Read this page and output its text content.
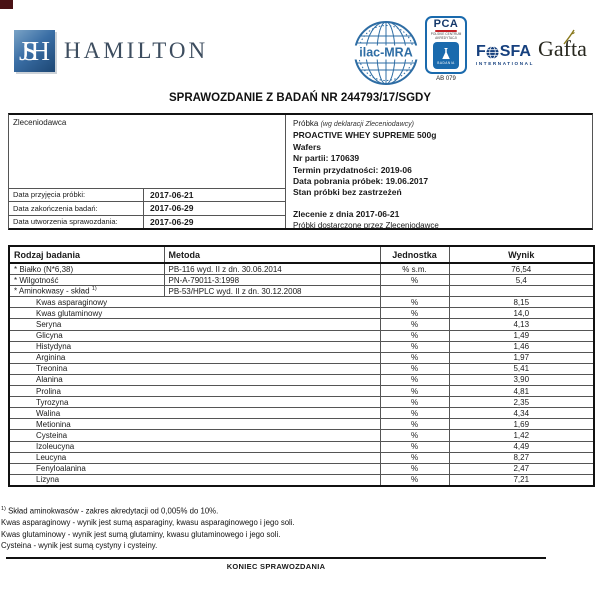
JSH HAMILTON	ilac-MRA
PCA
POLSKIE CENTRUM AKREDYTACJI
BADANIA
AB 079
F SFA
INTERNATIONAL
Gafta
SPRAWOZDANIE Z BADAŃ NR 244793/17/SGDY
Zleceniodawca
Data przyjęcia próbki:	2017-06-21
Data zakończenia badań:	2017-06-29
Data utworzenia sprawozdania:	2017-06-29
Próbka (wg deklaracji Zleceniodawcy)
PROACTIVE WHEY SUPREME 500g
Wafers
Nr partii: 170639
Termin przydatności: 2019-06
Data pobrania próbek: 19.06.2017
Stan próbki bez zastrzeżeń
Zlecenie z dnia 2017-06-21
Próbki dostarczone przez Zleceniodawcę
Rodzaj badania	Metoda	Jednostka	Wynik
* Białko (N*6,38)	PB-116 wyd. II z dn. 30.06.2014	% s.m.	76,54
* Wilgotność	PN-A-79011-3:1998	%	5,4
* Aminokwasy - skład $^{1)}$	PB-53/HPLC wyd. II z dn. 30.12.2008		
Kwas asparaginowy		%	8,15
Kwas glutaminowy		%	14,0
Seryna		%	4,13
Glicyna		%	1,49
Histydyna		%	1,46
Arginina		%	1,97
Treonina		%	5,41
Alanina		%	3,90
Prolina		%	4,81
Tyrozyna		%	2,35
Walina		%	4,34
Metionina		%	1,69
Cysteina		%	1,42
Izoleucyna		%	4,49
Leucyna		%	8,27
Fenyloalanina		%	2,47
Lizyna		%	7,21
$^{1)}$ Skład aminokwasów - zakres akredytacji od 0,005% do 10%.
Kwas asparaginowy - wynik jest sumą asparaginy, kwasu asparaginowego i jego soli.
Kwas glutaminowy - wynik jest sumą glutaminy, kwasu glutaminowego i jego soli.
Cysteina - wynik jest sumą cystyny i cysteiny.
KONIEC SPRAWOZDANIA
